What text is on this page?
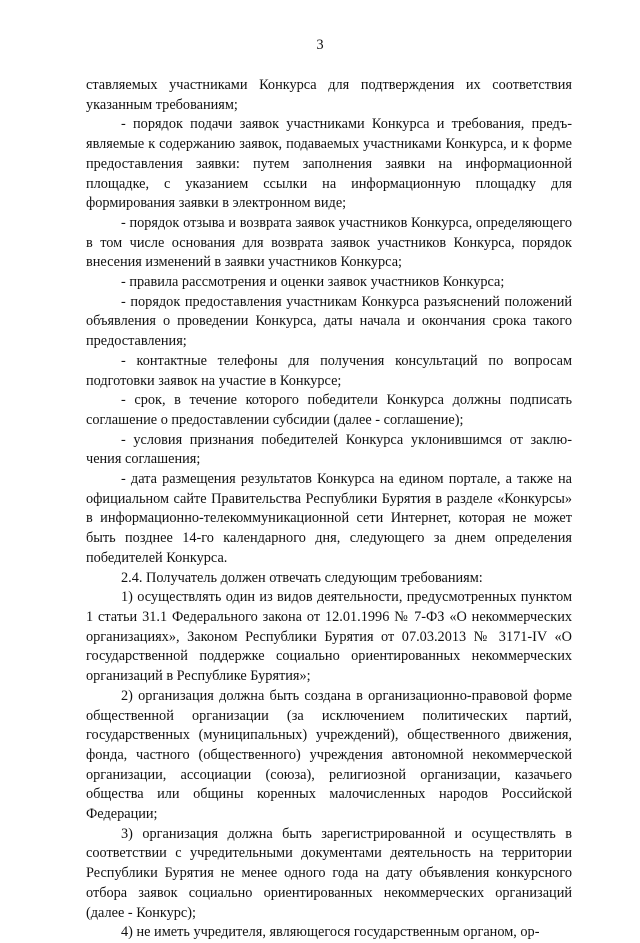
3

ставляемых участниками Конкурса для подтверждения их соответствия указанным требованиям;

- порядок подачи заявок участниками Конкурса и требования, предъявляемые к содержанию заявок, подаваемых участниками Конкурса, и к форме предоставления заявки: путем заполнения заявки на информационной площадке, с указанием ссылки на информационную площадку для формирования заявки в электронном виде;

- порядок отзыва и возврата заявок участников Конкурса, определяющего в том числе основания для возврата заявок участников Конкурса, порядок внесения изменений в заявки участников Конкурса;

- правила рассмотрения и оценки заявок участников Конкурса;

- порядок предоставления участникам Конкурса разъяснений положений объявления о проведении Конкурса, даты начала и окончания срока такого предоставления;

- контактные телефоны для получения консультаций по вопросам подготовки заявок на участие в Конкурсе;

- срок, в течение которого победители Конкурса должны подписать соглашение о предоставлении субсидии (далее - соглашение);

- условия признания победителей Конкурса уклонившимся от заключения соглашения;

- дата размещения результатов Конкурса на едином портале, а также на официальном сайте Правительства Республики Бурятия в разделе «Конкурсы» в информационно-телекоммуникационной сети Интернет, которая не может быть позднее 14-го календарного дня, следующего за днем определения победителей Конкурса.

2.4. Получатель должен отвечать следующим требованиям:

1) осуществлять один из видов деятельности, предусмотренных пунктом 1 статьи 31.1 Федерального закона от 12.01.1996 № 7-ФЗ «О некоммерческих организациях», Законом Республики Бурятия от 07.03.2013 № 3171-IV «О государственной поддержке социально ориентированных некоммерческих организаций в Республике Бурятия»;

2) организация должна быть создана в организационно-правовой форме общественной организации (за исключением политических партий, государственных (муниципальных) учреждений), общественного движения, фонда, частного (общественного) учреждения автономной некоммерческой организации, ассоциации (союза), религиозной организации, казачьего общества или общины коренных малочисленных народов Российской Федерации;

3) организация должна быть зарегистрированной и осуществлять в соответствии с учредительными документами деятельность на территории Республики Бурятия не менее одного года на дату объявления конкурсного отбора заявок социально ориентированных некоммерческих организаций (далее - Конкурс);

4) не иметь учредителя, являющегося государственным органом, ор-
